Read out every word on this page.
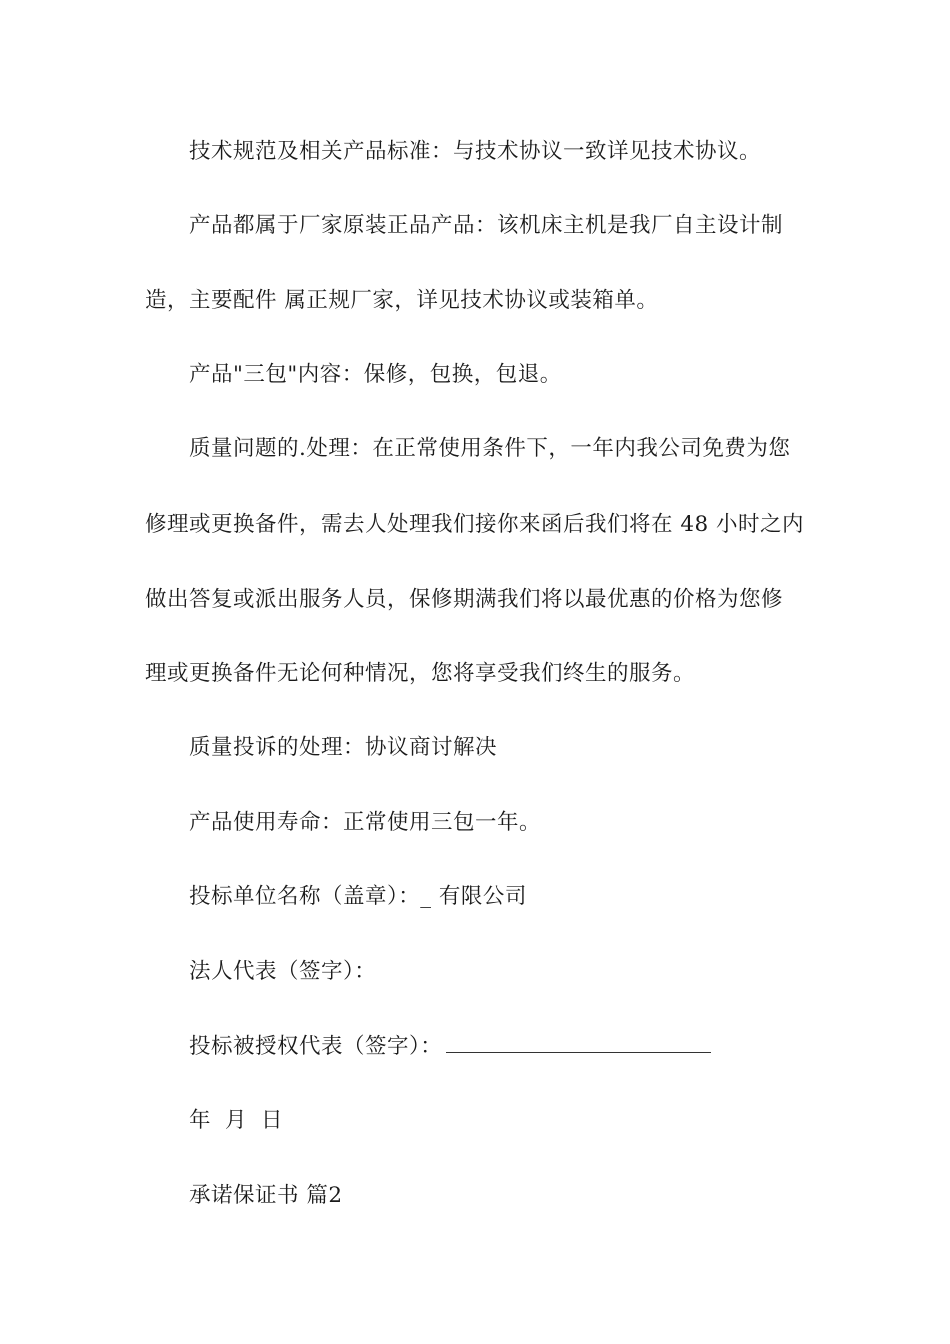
技术规范及相关产品标准：与技术协议一致详见技术协议。

产品都属于厂家原装正品产品：该机床主机是我厂自主设计制

造，主要配件 属正规厂家，详见技术协议或装箱单。

产品"三包"内容：保修，包换，包退。

质量问题的.处理：在正常使用条件下，一年内我公司免费为您

修理或更换备件，需去人处理我们接你来函后我们将在 48 小时之内

做出答复或派出服务人员，保修期满我们将以最优惠的价格为您修

理或更换备件无论何种情况，您将享受我们终生的服务。

质量投诉的处理：协议商讨解决

产品使用寿命：正常使用三包一年。

投标单位名称（盖章）：_ 有限公司

法人代表（签字）：

投标被授权代表（签字）：

年 月 日

承诺保证书 篇2
